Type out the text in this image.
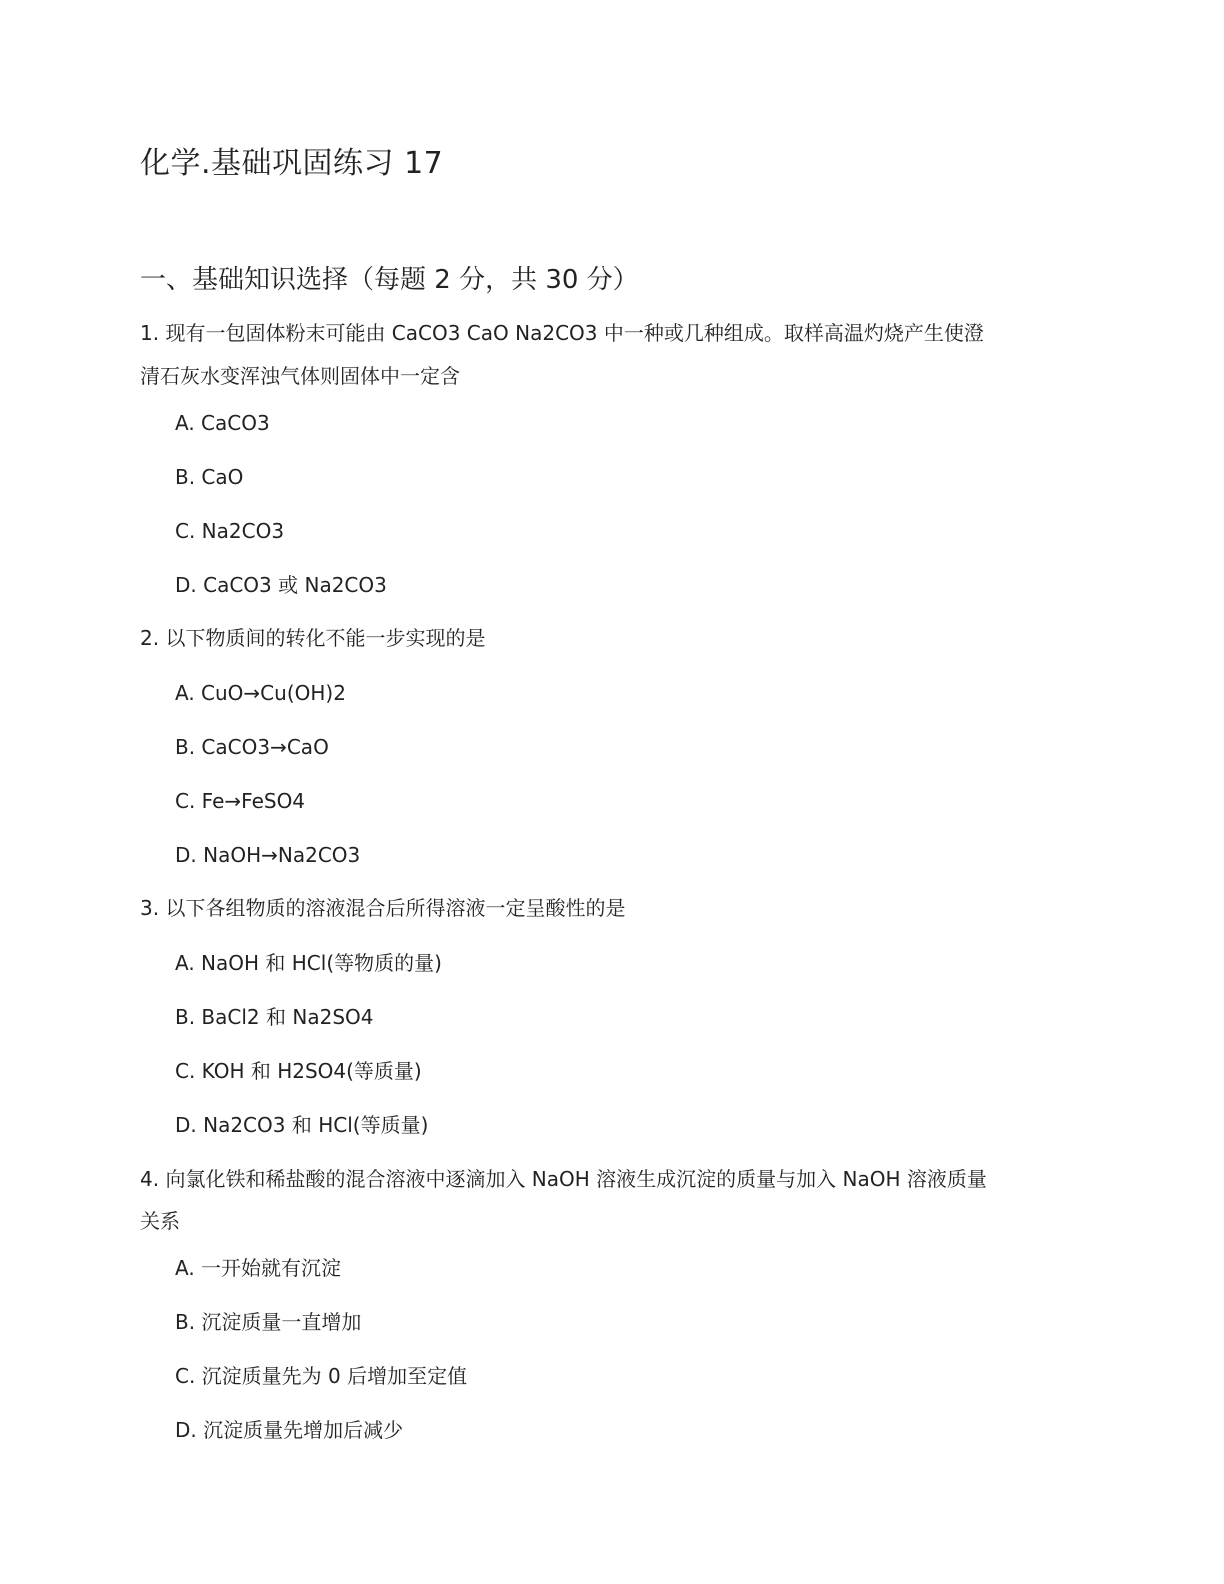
化学.基础巩固练习 17
一、基础知识选择（每题 2 分，共 30 分）
1. 现有一包固体粉末可能由 CaCO3 CaO Na2CO3 中一种或几种组成。取样高温灼烧产生使澄
清石灰水变浑浊气体则固体中一定含
A. CaCO3
B. CaO
C. Na2CO3
D. CaCO3 或 Na2CO3
2. 以下物质间的转化不能一步实现的是
A. CuO→Cu(OH)2
B. CaCO3→CaO
C. Fe→FeSO4
D. NaOH→Na2CO3
3. 以下各组物质的溶液混合后所得溶液一定呈酸性的是
A. NaOH 和 HCl(等物质的量)
B. BaCl2 和 Na2SO4
C. KOH 和 H2SO4(等质量)
D. Na2CO3 和 HCl(等质量)
4. 向氯化铁和稀盐酸的混合溶液中逐滴加入 NaOH 溶液生成沉淀的质量与加入 NaOH 溶液质量
关系
A. 一开始就有沉淀
B. 沉淀质量一直增加
C. 沉淀质量先为 0 后增加至定值
D. 沉淀质量先增加后减少
